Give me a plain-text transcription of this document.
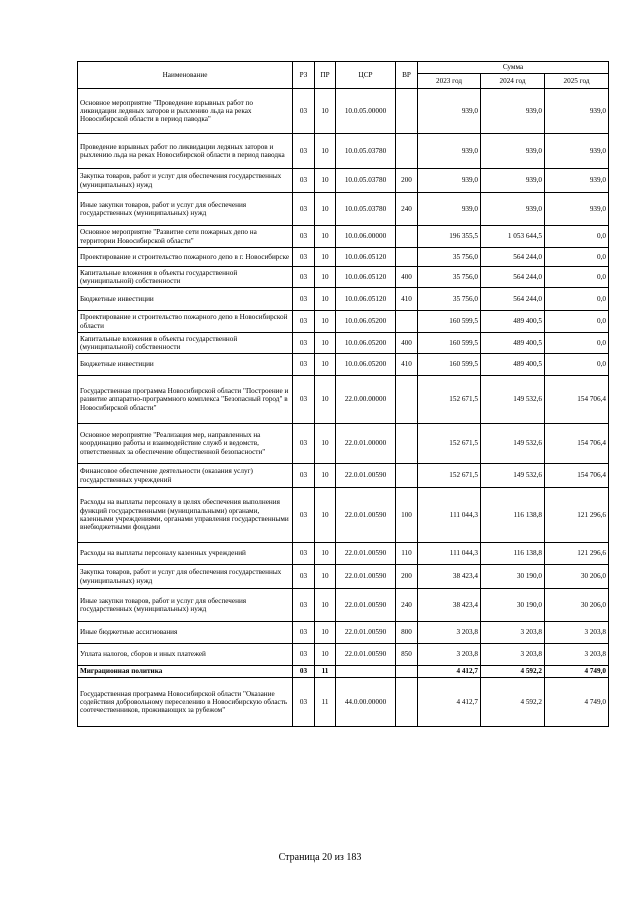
Наименование	РЗ	ПР	ЦСР	ВР	Сумма		
					2023 год	2024 год	2025 год
Основное мероприятие "Проведение взрывных работ по ликвидации ледяных заторов и рыхлению льда на реках Новосибирской области в период паводка"	03	10	10.0.05.00000		939,0	939,0	939,0
Проведение взрывных работ по ликвидации ледяных заторов и рыхлению льда на реках Новосибирской области в период паводка	03	10	10.0.05.03780		939,0	939,0	939,0
Закупка товаров, работ и услуг для обеспечения государственных (муниципальных) нужд	03	10	10.0.05.03780	200	939,0	939,0	939,0
Иные закупки товаров, работ и услуг для обеспечения государственных (муниципальных) нужд	03	10	10.0.05.03780	240	939,0	939,0	939,0
Основное мероприятие "Развитие сети пожарных депо на территории Новосибирской области"	03	10	10.0.06.00000		196 355,5	1 053 644,5	0,0
Проектирование и строительство пожарного депо в г. Новосибирске	03	10	10.0.06.05120		35 756,0	564 244,0	0,0
Капитальные вложения в объекты государственной (муниципальной) собственности	03	10	10.0.06.05120	400	35 756,0	564 244,0	0,0
Бюджетные инвестиции	03	10	10.0.06.05120	410	35 756,0	564 244,0	0,0
Проектирование и строительство пожарного депо в Новосибирской области	03	10	10.0.06.05200		160 599,5	489 400,5	0,0
Капитальные вложения в объекты государственной (муниципальной) собственности	03	10	10.0.06.05200	400	160 599,5	489 400,5	0,0
Бюджетные инвестиции	03	10	10.0.06.05200	410	160 599,5	489 400,5	0,0
Государственная программа Новосибирской области "Построение и развитие аппаратно-программного комплекса "Безопасный город" в Новосибирской области"	03	10	22.0.00.00000		152 671,5	149 532,6	154 706,4
Основное мероприятие "Реализация мер, направленных на координацию работы и взаимодействие служб и ведомств, ответственных за обеспечение общественной безопасности"	03	10	22.0.01.00000		152 671,5	149 532,6	154 706,4
Финансовое обеспечение деятельности (оказания услуг) государственных учреждений	03	10	22.0.01.00590		152 671,5	149 532,6	154 706,4
Расходы на выплаты персоналу в целях обеспечения выполнения функций государственными (муниципальными) органами, казенными учреждениями, органами управления государственными внебюджетными фондами	03	10	22.0.01.00590	100	111 044,3	116 138,8	121 296,6
Расходы на выплаты персоналу казенных учреждений	03	10	22.0.01.00590	110	111 044,3	116 138,8	121 296,6
Закупка товаров, работ и услуг для обеспечения государственных (муниципальных) нужд	03	10	22.0.01.00590	200	38 423,4	30 190,0	30 206,0
Иные закупки товаров, работ и услуг для обеспечения государственных (муниципальных) нужд	03	10	22.0.01.00590	240	38 423,4	30 190,0	30 206,0
Иные бюджетные ассигнования	03	10	22.0.01.00590	800	3 203,8	3 203,8	3 203,8
Уплата налогов, сборов и иных платежей	03	10	22.0.01.00590	850	3 203,8	3 203,8	3 203,8
Миграционная политика	03	11			4 412,7	4 592,2	4 749,0
Государственная программа Новосибирской области "Оказание содействия добровольному переселению в Новосибирскую область соотечественников, проживающих за рубежом"	03	11	44.0.00.00000		4 412,7	4 592,2	4 749,0
Страница 20 из 183
